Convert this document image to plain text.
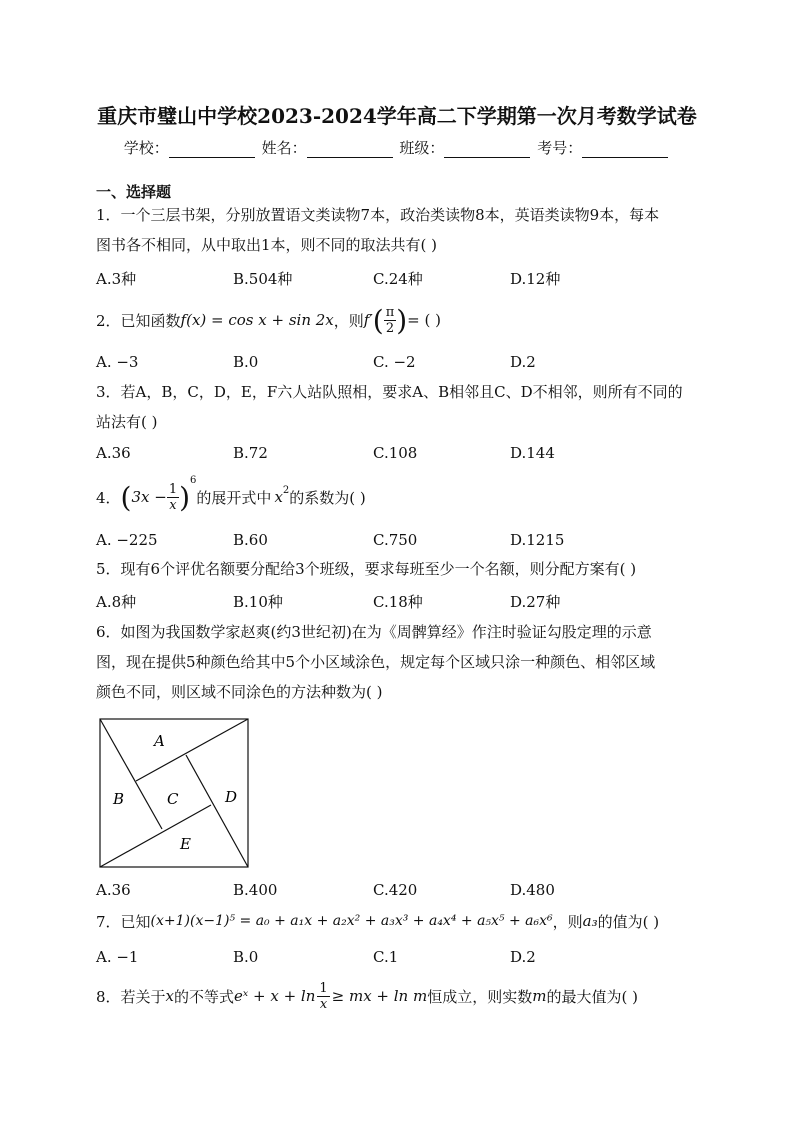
重庆市璧山中学校2023-2024学年高二下学期第一次月考数学试卷
学校：	姓名：	班级：	考号：
一、选择题
1．一个三层书架，分别放置语文类读物7本，政治类读物8本，英语类读物9本，每本
图书各不相同，从中取出1本，则不同的取法共有( )
A.3种	B.504种	C.24种	D.12种
2．已知函数 f(x) = cos x + sin 2x ，则 f′ ( $\frac{\pi}{2}$ ) = ( )
A. −3	B.0	C. −2	D.2
3．若A，B，C，D，E，F六人站队照相，要求A、B相邻且C、D不相邻，则所有不同的
站法有( )
A.36	B.72	C.108	D.144
4． ( $3x - \frac{1}{x} )^6$
的展开式中 $x^2$ 的系数为( )
A. −225	B.60	C.750	D.1215
5．现有6个评优名额要分配给3个班级，要求每班至少一个名额，则分配方案有( )
A.8种	B.10种	C.18种	D.27种
6．如图为我国数学家赵爽(约3世纪初)在为《周髀算经》作注时验证勾股定理的示意
图，现在提供5种颜色给其中5个小区域涂色，规定每个区域只涂一种颜色、相邻区域
颜色不同，则区域不同涂色的方法种数为( )
A
B	C	D
E
A.36	B.400	C.420	D.480
7．已知 (x+1)(x−1)⁵ = a₀ + a₁x + a₂x² + a₃x³ + a₄x⁴ + a₅x⁵ + a₆x⁶ ，则 a₃ 的值为( )
A. −1	B.0	C.1	D.2
8．若关于 x 的不等式 eˣ + $x + \ln \frac{1}{x}$ ≥ mx + ln m 恒成立，则实数 m 的最大值为( )
